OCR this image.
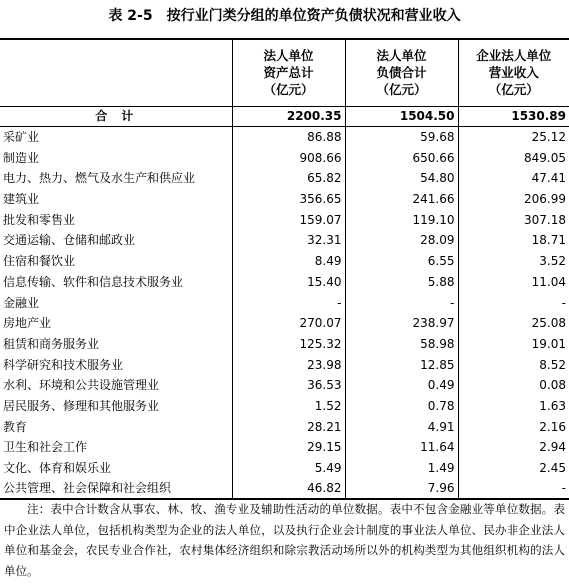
表 2-5　按行业门类分组的单位资产负债状况和营业收入

	法人单位
资产总计
（亿元）	法人单位
负债合计
（亿元）	企业法人单位
营业收入
（亿元）

合计	2200.35	1504.50	1530.89
采矿业	86.88	59.68	25.12
制造业	908.66	650.66	849.05
电力、热力、燃气及水生产和供应业	65.82	54.80	47.41
建筑业	356.65	241.66	206.99
批发和零售业	159.07	119.10	307.18
交通运输、仓储和邮政业	32.31	28.09	18.71
住宿和餐饮业	8.49	6.55	3.52
信息传输、软件和信息技术服务业	15.40	5.88	11.04
金融业	-	-	-
房地产业	270.07	238.97	25.08
租赁和商务服务业	125.32	58.98	19.01
科学研究和技术服务业	23.98	12.85	8.52
水利、环境和公共设施管理业	36.53	0.49	0.08
居民服务、修理和其他服务业	1.52	0.78	1.63
教育	28.21	4.91	2.16
卫生和社会工作	29.15	11.64	2.94
文化、体育和娱乐业	5.49	1.49	2.45
公共管理、社会保障和社会组织	46.82	7.96	-
注：表中合计数含从事农、林、牧、渔专业及辅助性活动的单位数据。表中不包含金融业等单位数据。表中企业法人单位，包括机构类型为企业的法人单位，以及执行企业会计制度的事业法人单位、民办非企业法人单位和基金会，农民专业合作社，农村集体经济组织和除宗教活动场所以外的机构类型为其他组织机构的法人单位。
